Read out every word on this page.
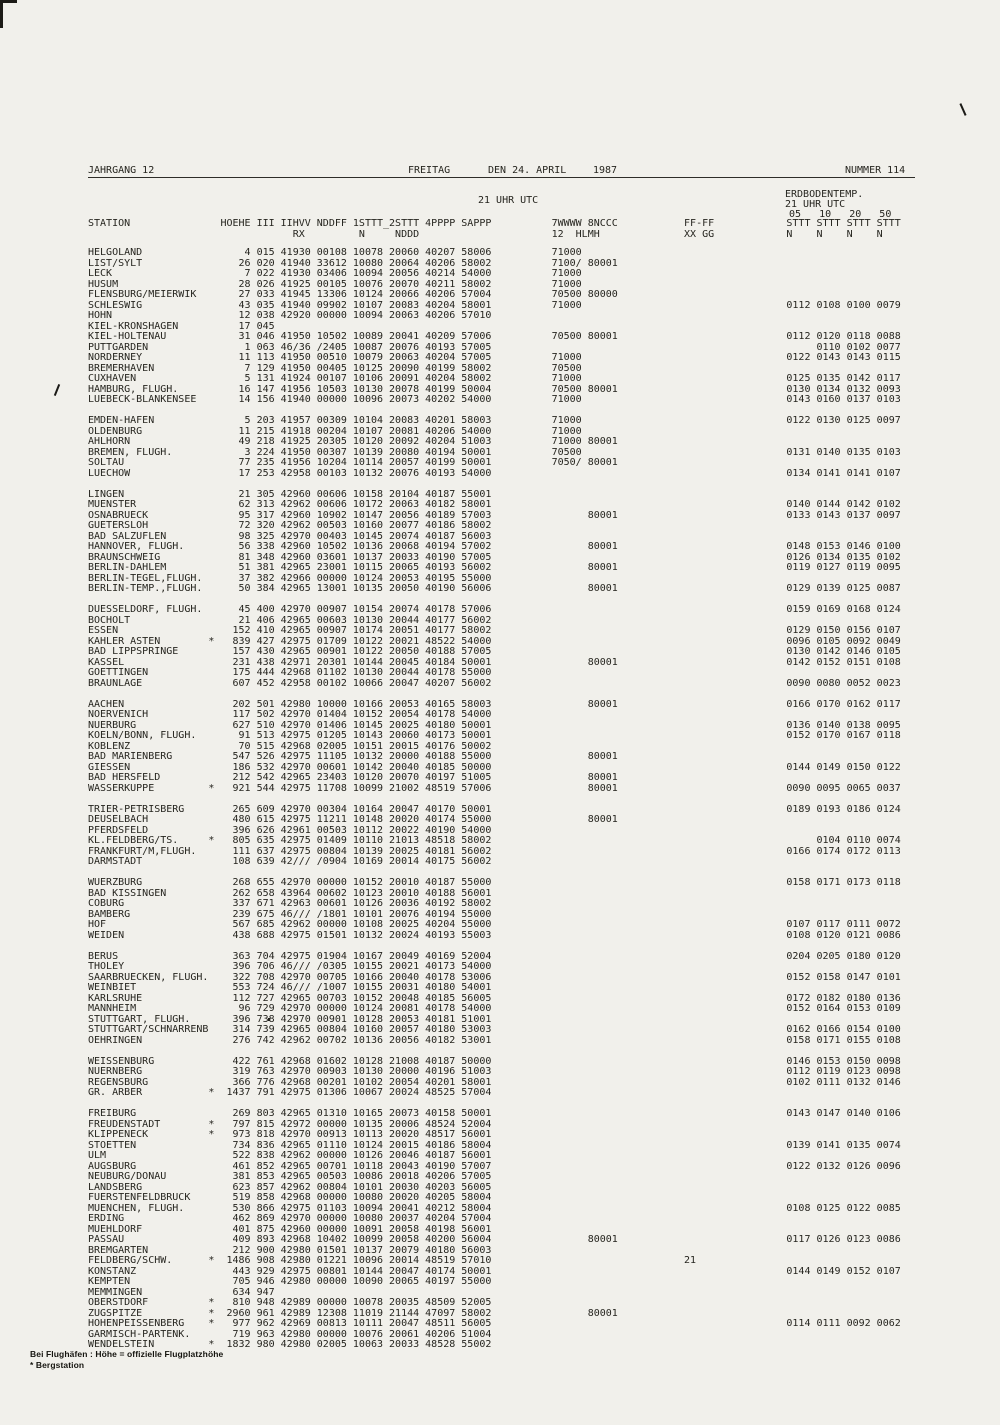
JAHRGANG 12	FREITAG	DEN 24. APRIL	1987	NUMMER 114
21 UHR UTC
ERDBODENTEMP.
21 UHR UTC
05   10   20   50
STATION               HOEHE III IIHVV NDDFF 1STTT_2STTT 4PPPP SAPPP          7WWWW 8NCCC           FF-FF            STTT STTT STTT STTT
RX         N     NDDD                      12  HLMH              XX GG            N    N    N    N
HELGOLAND                 4 015 41930 00108 10078 20060 40207 58006          71000
LIST/SYLT                26 020 41940 33612 10080 20064 40206 58002          7100/ 80001
LECK                      7 022 41930 03406 10094 20056 40214 54000          71000
HUSUM                    28 026 41925 00105 10076 20070 40211 58002          71000
FLENSBURG/MEIERWIK       27 033 41945 13306 10124 20066 40206 57004          70500 80000
SCHLESWIG                43 035 41940 09902 10107 20083 40204 58001          71000                                  0112 0108 0100 0079
HOHN                     12 038 42920 00000 10094 20063 40206 57010
KIEL-KRONSHAGEN          17 045
KIEL-HOLTENAU            31 046 41950 10502 10089 20041 40209 57006          70500 80001                            0112 0120 0118 0088
PUTTGARDEN                1 063 46/36 /2405 10087 20076 40193 57005                                                      0110 0102 0077
NORDERNEY                11 113 41950 00510 10079 20063 40204 57005          71000                                  0122 0143 0143 0115
BREMERHAVEN               7 129 41950 00405 10125 20090 40199 58002          70500
CUXHAVEN                  5 131 41924 00107 10106 20091 40204 58002          71000                                  0125 0135 0142 0117
HAMBURG, FLUGH.          16 147 41956 10503 10130 20078 40199 50004          70500 80001                            0130 0134 0132 0093
LUEBECK-BLANKENSEE       14 156 41940 00000 10096 20073 40202 54000          71000                                  0143 0160 0137 0103

EMDEN-HAFEN               5 203 41957 00309 10104 20083 40201 58003          71000                                  0122 0130 0125 0097
OLDENBURG                11 215 41918 00204 10107 20081 40206 54000          71000
AHLHORN                  49 218 41925 20305 10120 20092 40204 51003          71000 80001
BREMEN, FLUGH.            3 224 41950 00307 10139 20080 40194 50001          70500                                  0131 0140 0135 0103
SOLTAU                   77 235 41956 10204 10114 20057 40199 50001          7050/ 80001
LUECHOW                  17 253 42958 00103 10132 20076 40193 54000                                                 0134 0141 0141 0107

LINGEN                   21 305 42960 00606 10158 20104 40187 55001
MUENSTER                 62 313 42962 00606 10172 20063 40182 58001                                                 0140 0144 0142 0102
OSNABRUECK               95 317 42960 10902 10147 20056 40189 57003                80001                            0133 0143 0137 0097
GUETERSLOH               72 320 42962 00503 10160 20077 40186 58002
BAD SALZUFLEN            98 325 42970 00403 10145 20074 40187 56003
HANNOVER, FLUGH.         56 338 42960 10502 10136 20068 40194 57002                80001                            0148 0153 0146 0100
BRAUNSCHWEIG             81 348 42960 03601 10137 20033 40190 57005                                                 0126 0134 0135 0102
BERLIN-DAHLEM            51 381 42965 23001 10115 20065 40193 56002                80001                            0119 0127 0119 0095
BERLIN-TEGEL,FLUGH.      37 382 42966 00000 10124 20053 40195 55000
BERLIN-TEMP.,FLUGH.      50 384 42965 13001 10135 20050 40190 56006                80001                            0129 0139 0125 0087

DUESSELDORF, FLUGH.      45 400 42970 00907 10154 20074 40178 57006                                                 0159 0169 0168 0124
BOCHOLT                  21 406 42965 00603 10130 20044 40177 56002
ESSEN                   152 410 42965 00907 10174 20051 40177 58002                                                 0129 0150 0156 0107
KAHLER ASTEN        *   839 427 42975 01709 10122 20021 48522 54000                                                 0096 0105 0092 0049
BAD LIPPSPRINGE         157 430 42965 00901 10122 20050 40188 57005                                                 0130 0142 0146 0105
KASSEL                  231 438 42971 20301 10144 20045 40184 50001                80001                            0142 0152 0151 0108
GOETTINGEN              175 444 42968 01102 10130 20044 40178 55000
BRAUNLAGE               607 452 42958 00102 10066 20047 40207 56002                                                 0090 0080 0052 0023

AACHEN                  202 501 42980 10000 10166 20053 40165 58003                80001                            0166 0170 0162 0117
NOERVENICH              117 502 42970 01404 10152 20054 40178 54000
NUERBURG                627 510 42970 01406 10145 20025 40180 50001                                                 0136 0140 0138 0095
KOELN/BONN, FLUGH.       91 513 42975 01205 10143 20060 40173 50001                                                 0152 0170 0167 0118
KOBLENZ                  70 515 42968 02005 10151 20015 40176 50002
BAD MARIENBERG          547 526 42975 11105 10132 20000 40188 55000                80001
GIESSEN                 186 532 42970 00601 10142 20040 40185 50000                                                 0144 0149 0150 0122
BAD HERSFELD            212 542 42965 23403 10120 20070 40197 51005                80001
WASSERKUPPE         *   921 544 42975 11708 10099 21002 48519 57006                80001                            0090 0095 0065 0037

TRIER-PETRISBERG        265 609 42970 00304 10164 20047 40170 50001                                                 0189 0193 0186 0124
DEUSELBACH              480 615 42975 11211 10148 20020 40174 55000                80001
PFERDSFELD              396 626 42961 00503 10112 20022 40190 54000
KL.FELDBERG/TS.     *   805 635 42975 01409 10110 21013 48518 58002                                                      0104 0110 0074
FRANKFURT/M,FLUGH.      111 637 42975 00804 10139 20025 40181 56002                                                 0166 0174 0172 0113
DARMSTADT               108 639 42/// /0904 10169 20014 40175 56002

WUERZBURG               268 655 42970 00000 10152 20010 40187 55000                                                 0158 0171 0173 0118
BAD KISSINGEN           262 658 43964 00602 10123 20010 40188 56001
COBURG                  337 671 42963 00601 10126 20036 40192 58002
BAMBERG                 239 675 46/// /1801 10101 20076 40194 55000
HOF                     567 685 42962 00000 10108 20025 40204 55000                                                 0107 0117 0111 0072
WEIDEN                  438 688 42975 01501 10132 20024 40193 55003                                                 0108 0120 0121 0086

BERUS                   363 704 42975 01904 10167 20049 40169 52004                                                 0204 0205 0180 0120
THOLEY                  396 706 46/// /0305 10155 20021 40173 54000
SAARBRUECKEN, FLUGH.    322 708 42970 00705 10166 20040 40178 53006                                                 0152 0158 0147 0101
WEINBIET                553 724 46/// /1007 10155 20031 40180 54001
KARLSRUHE               112 727 42965 00703 10152 20048 40185 56005                                                 0172 0182 0180 0136
MANNHEIM                 96 729 42970 00000 10124 20081 40178 54000                                                 0152 0164 0153 0109
STUTTGART, FLUGH.       396 738 42970 00901 10128 20053 40181 51001
STUTTGART/SCHNARRENB    314 739 42965 00804 10160 20057 40180 53003                                                 0162 0166 0154 0100
OEHRINGEN               276 742 42962 00702 10136 20056 40182 53001                                                 0158 0171 0155 0108

WEISSENBURG             422 761 42968 01602 10128 21008 40187 50000                                                 0146 0153 0150 0098
NUERNBERG               319 763 42970 00903 10130 20000 40196 51003                                                 0112 0119 0123 0098
REGENSBURG              366 776 42968 00201 10102 20054 40201 58001                                                 0102 0111 0132 0146
GR. ARBER           *  1437 791 42975 01306 10067 20024 48525 57004

FREIBURG                269 803 42965 01310 10165 20073 40158 50001                                                 0143 0147 0140 0106
FREUDENSTADT        *   797 815 42972 00000 10135 20006 48524 52004
KLIPPENECK          *   973 818 42970 00913 10113 20020 48517 56001
STOETTEN                734 836 42965 01110 10124 20015 40186 58004                                                 0139 0141 0135 0074
ULM                     522 838 42962 00000 10126 20046 40187 56001
AUGSBURG                461 852 42965 00701 10118 20043 40190 57007                                                 0122 0132 0126 0096
NEUBURG/DONAU           381 853 42965 00503 10086 20018 40206 57005
LANDSBERG               623 857 42962 00804 10101 20030 40203 56005
FUERSTENFELDBRUCK       519 858 42968 00000 10080 20020 40205 58004
MUENCHEN, FLUGH.        530 866 42975 01103 10094 20041 40212 58004                                                 0108 0125 0122 0085
ERDING                  462 869 42970 00000 10080 20037 40204 57004
MUEHLDORF               401 875 42960 00000 10091 20058 40198 56001
PASSAU                  409 893 42968 10402 10099 20058 40200 56004                80001                            0117 0126 0123 0086
BREMGARTEN              212 900 42980 01501 10137 20079 40180 56003
FELDBERG/SCHW.      *  1486 908 42980 01221 10096 20014 48519 57010                                21
KONSTANZ                443 929 42975 00801 10144 20047 40174 50001                                                 0144 0149 0152 0107
KEMPTEN                 705 946 42980 00000 10090 20065 40197 55000
MEMMINGEN               634 947
OBERSTDORF          *   810 948 42989 00000 10078 20035 48509 52005
ZUGSPITZE           *  2960 961 42989 12308 11019 21144 47097 58002                80001
HOHENPEISSENBERG    *   977 962 42969 00813 10111 20047 48511 56005                                                 0114 0111 0092 0062
GARMISCH-PARTENK.       719 963 42980 00000 10076 20061 40206 51004
WENDELSTEIN         *  1832 980 42980 02005 10063 20033 48528 55002
Bei Flughäfen : Höhe = offizielle Flugplatzhöhe
* Bergstation
